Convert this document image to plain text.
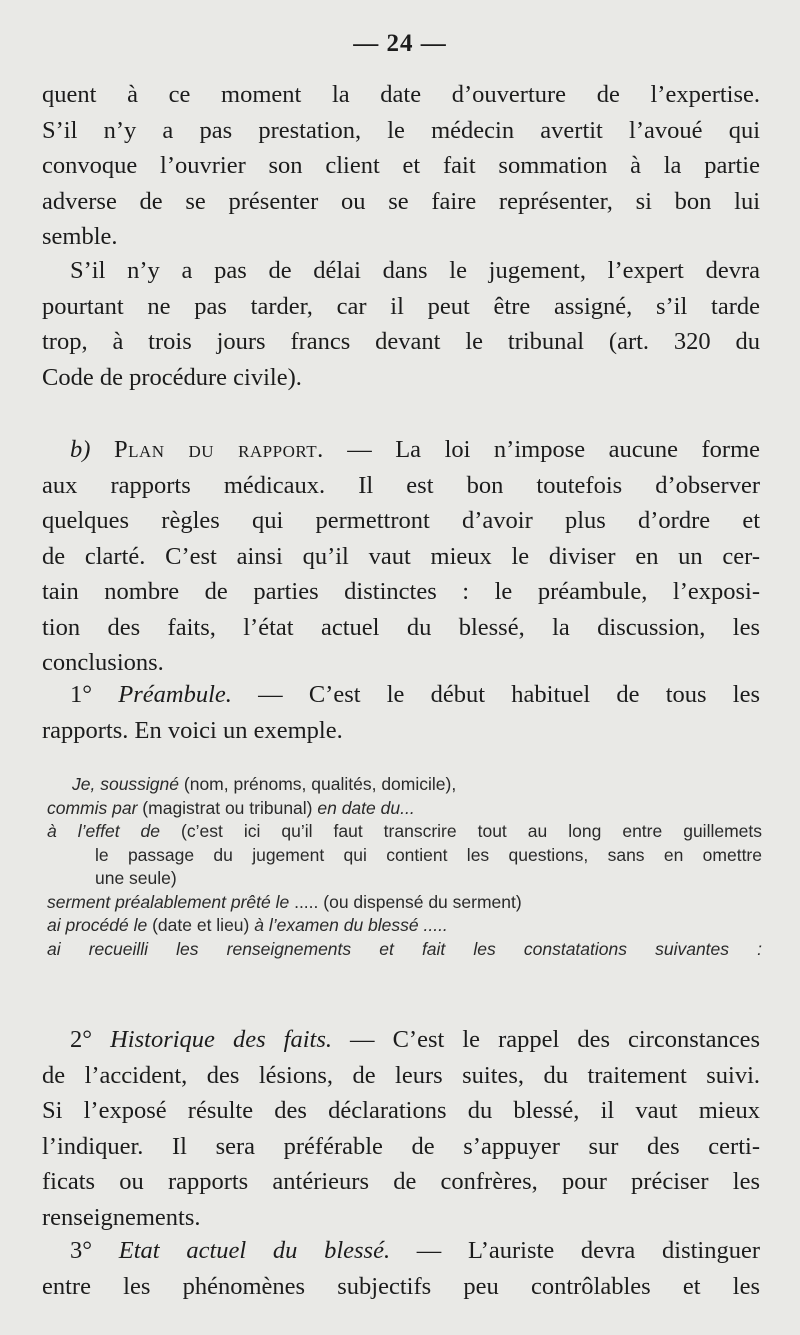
— 24 —

quent à ce moment la date d’ouverture de l’expertise.
S’il n’y a pas prestation, le médecin avertit l’avoué qui
convoque l’ouvrier son client et fait sommation à la partie
adverse de se présenter ou se faire représenter, si bon lui
semble.

S’il n’y a pas de délai dans le jugement, l’expert devra
pourtant ne pas tarder, car il peut être assigné, s’il tarde
trop, à trois jours francs devant le tribunal (art. 320 du
Code de procédure civile).

b) Plan du rapport. — La loi n’impose aucune forme
aux rapports médicaux. Il est bon toutefois d’observer
quelques règles qui permettront d’avoir plus d’ordre et
de clarté. C’est ainsi qu’il vaut mieux le diviser en un cer-
tain nombre de parties distinctes : le préambule, l’exposi-
tion des faits, l’état actuel du blessé, la discussion, les
conclusions.

1° Préambule. — C’est le début habituel de tous les
rapports. En voici un exemple.

Je, soussigné (nom, prénoms, qualités, domicile),
commis par (magistrat ou tribunal) en date du...
à l’effet de (c’est ici qu’il faut transcrire tout au long entre guillemets
le passage du jugement qui contient les questions, sans en omettre
une seule)
serment préalablement prêté le ..... (ou dispensé du serment)
ai procédé le (date et lieu) à l’examen du blessé .....
ai recueilli les renseignements et fait les constatations suivantes :

2° Historique des faits. — C’est le rappel des circonstances
de l’accident, des lésions, de leurs suites, du traitement suivi.
Si l’exposé résulte des déclarations du blessé, il vaut mieux
l’indiquer. Il sera préférable de s’appuyer sur des certi-
ficats ou rapports antérieurs de confrères, pour préciser les
renseignements.

3° Etat actuel du blessé. — L’auriste devra distinguer
entre les phénomènes subjectifs peu contrôlables et les
